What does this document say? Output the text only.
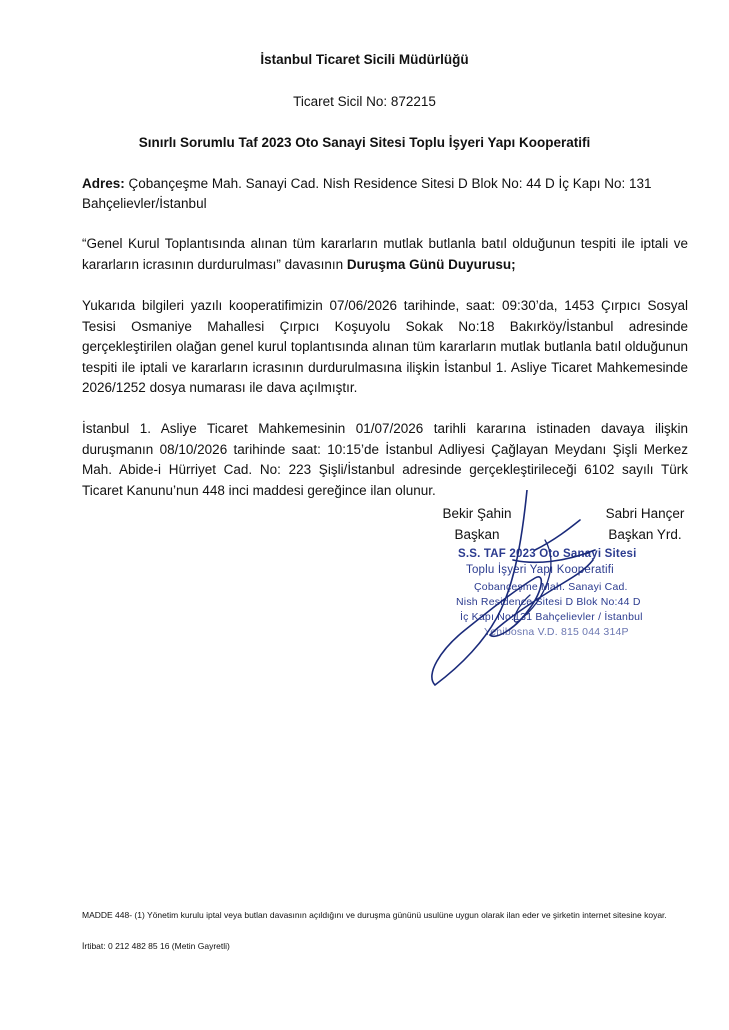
İstanbul Ticaret Sicili Müdürlüğü
Ticaret Sicil No: 872215
Sınırlı Sorumlu Taf 2023 Oto Sanayi Sitesi Toplu İşyeri Yapı Kooperatifi
Adres: Çobançeşme Mah. Sanayi Cad. Nish Residence Sitesi D Blok No: 44 D İç Kapı No: 131
Bahçelievler/İstanbul
“Genel Kurul Toplantısında alınan tüm kararların mutlak butlanla batıl olduğunun tespiti ile iptali ve kararların icrasının durdurulması” davasının Duruşma Günü Duyurusu;
Yukarıda bilgileri yazılı kooperatifimizin 07/06/2026 tarihinde, saat: 09:30’da, 1453 Çırpıcı Sosyal Tesisi Osmaniye Mahallesi Çırpıcı Koşuyolu Sokak No:18 Bakırköy/İstanbul adresinde gerçekleştirilen olağan genel kurul toplantısında alınan tüm kararların mutlak butlanla batıl olduğunun tespiti ile iptali ve kararların icrasının durdurulmasına ilişkin İstanbul 1. Asliye Ticaret Mahkemesinde 2026/1252 dosya numarası ile dava açılmıştır.
İstanbul 1. Asliye Ticaret Mahkemesinin 01/07/2026 tarihli kararına istinaden davaya ilişkin duruşmanın 08/10/2026 tarihinde saat: 10:15’de İstanbul Adliyesi Çağlayan Meydanı Şişli Merkez Mah. Abide-i Hürriyet Cad. No: 223 Şişli/İstanbul adresinde gerçekleştirileceği 6102 sayılı Türk Ticaret Kanunu’nun 448 inci maddesi gereğince ilan olunur.
Bekir Şahin
Başkan
Sabri Hançer
Başkan Yrd.
S.S. TAF 2023 Oto Sanayi Sitesi
Toplu İşyeri Yapı Kooperatifi
Çobançeşme Mah. Sanayi Cad.
Nish Residence Sitesi D Blok No:44 D
İç Kapı No:131 Bahçelievler / İstanbul
Yenibosna V.D. 815 044 314P
MADDE 448- (1) Yönetim kurulu iptal veya butlan davasının açıldığını ve duruşma gününü usulüne uygun olarak ilan eder ve şirketin internet sitesine koyar.
İrtibat: 0 212 482 85 16 (Metin Gayretli)
